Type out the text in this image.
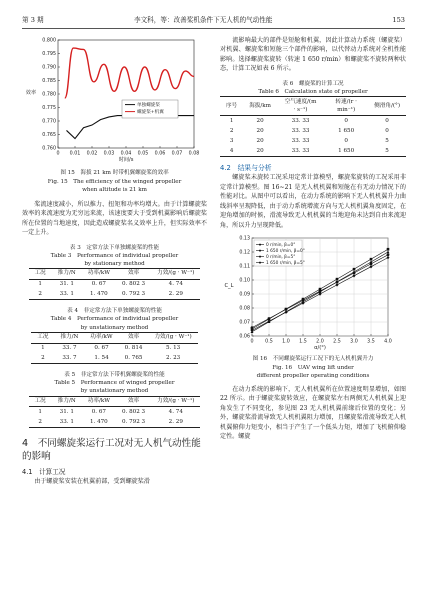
第 3 期	李文科，等：改善桨机条件下无人机的气动性能	153
0 0.01 0.02 0.03 0.04 0.05 0.06 0.07 0.08
0.760
0.765
0.770
0.775
0.780
0.785
0.790
0.795
0.800
时间/s
效率
单独螺旋桨
螺旋桨+机翼
图 15　海拔 21 km 时带机翼螺旋桨的效率
Fig. 15　The efficiency of the winged propeller
when altitude is 21 km

桨流速度减小，所以推力、扭矩和功率均增大。由于计算螺旋桨效率的来流速度为无穷远来流，该速度要大于受到机翼影响后螺旋桨所在位置的当地速度，因此造成螺旋桨名义效率上升，但实际效率不一定上升。

表 3　定常方法下单独螺旋桨的性能
Table 3　Performance of individual propeller
by stationary method
工况	推力/N	功率/kW	效率	力效/(g · W⁻¹)
1	31. 1	0. 67	0. 802 3	4. 74
2	33. 1	1. 470	0. 792 3	2. 29
表 4　非定常方法下单独螺旋桨的性能
Table 4　Performance of individual propeller
by unstationary method
工况	推力/N	功率/kW	效率	力效/(g · W⁻¹)
1	33. 7	0. 67	0. 814	5. 13
2	33. 7	1. 54	0. 765	2. 23
表 5　非定常方法下带机翼螺旋桨的性能
Table 5　Performance of winged propeller
by unstationary method
工况	推力/N	功率/kW	效率	力效/(g · W⁻¹)
1	31. 1	0. 67	0. 802 3	4. 74
2	33. 1	1. 470	0. 792 3	2. 29
4　不同螺旋桨运行工况对无人机气动性能的影响
4.1　计算工况

由于螺旋桨安装在机翼前部，受到螺旋桨滑

流影响最大的部件是短舱和机翼，因此计算动力系统（螺旋桨）对机翼、螺旋桨和短舱三个部件的影响，以代替动力系统对全机性能影响。选择螺旋桨旋转（转速 1 650 r/min）和螺旋桨不旋转两种状态，计算工况如表 6 所示。

表 6　螺旋桨的计算工况
Table 6　Calculation state of propeller
序号	海拔/km	空气速度/(m · s⁻¹)	转速/(r · min⁻¹)	侧滑角/(°)
1	20	33. 33	0	0
2	20	33. 33	1 650	0
3	20	33. 33	0	5
4	20	33. 33	1 650	5
4.2　结果与分析

螺旋桨未旋转工况采用定常计算模型，螺旋桨旋转的工况采用非定常计算模型。图 16~21 是无人机机翼和短舱在有无动力情况下的性能对比。从图中可以看出，在动力系统的影响下无人机机翼升力曲线斜率呈现降低，由于动力系统增流方向与无人机机翼角度固定，在迎角增加的时候，滑流导致无人机机翼的当地迎角未达到自由来流迎角，所以升力呈现降低。

0 0.5 1.0 1.5 2.0 2.5 3.0 3.5 4.0
0.06
0.07
0.08
0.09
0.10
0.11
0.12
0.13
α/(°)
C_L
0 r/min, β=0°
1 650 r/min, β=0°
0 r/min, β=5°
1 650 r/min, β=5°
图 16　不同螺旋桨运行工况下的无人机机翼升力
Fig. 16　UAV wing lift under
different propeller operating conditions

在动力系统的影响下，无人机机翼所在位置速度明显增加，如图 22 所示。由于螺旋桨旋转效应，在螺旋桨左右两侧无人机机翼上迎角发生了不同变化，参见图 23 无人机机翼前缘后位置的变化；另外，螺旋桨滑流导致无人机机翼阻力增加，且螺旋桨滑流导致无人机机翼俯仰力矩变小，相当于产生了一个低头力矩，增加了飞机俯仰稳定性。螺旋
